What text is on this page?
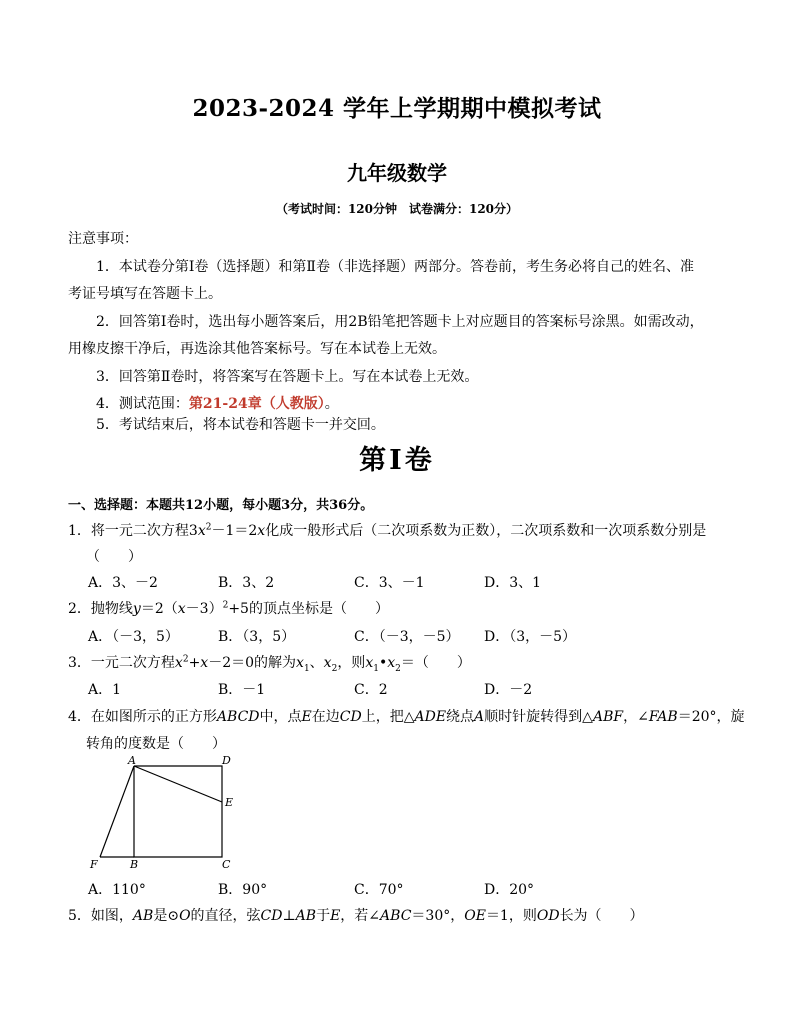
2023-2024 学年上学期期中模拟考试
九年级数学
（考试时间：120分钟　试卷满分：120分）
注意事项：
1．本试卷分第Ⅰ卷（选择题）和第Ⅱ卷（非选择题）两部分。答卷前，考生务必将自己的姓名、准
考证号填写在答题卡上。
2．回答第Ⅰ卷时，选出每小题答案后，用2B铅笔把答题卡上对应题目的答案标号涂黑。如需改动，
用橡皮擦干净后，再选涂其他答案标号。写在本试卷上无效。
3．回答第Ⅱ卷时，将答案写在答题卡上。写在本试卷上无效。
4．测试范围：第21-24章（人教版）。
5．考试结束后，将本试卷和答题卡一并交回。
第Ⅰ卷
一、选择题：本题共12小题，每小题3分，共36分。
1．将一元二次方程$3x^2-1=2x$化成一般形式后（二次项系数为正数），二次项系数和一次项系数分别是
（　　）
A．3、－2	B．3、2	C．3、－1	D．3、1
2．抛物线$y=2(x-3)^2+5$的顶点坐标是（　　）
A．（－3，5）	B．（3，5）	C．（－3，－5） D．（3，－5）
3．一元二次方程$x^2+x-2=0$的解为$x_1$、$x_2$，则$x_1•x_2=$（　　）
A．1	B．－1	C．2	D．－2
4．在如图所示的正方形ABCD中，点E在边CD上，把△ADE绕点A顺时针旋转得到△ABF，∠FAB＝20°，旋
转角的度数是（　　）
A	D
E
F	B	C
A．110°	B．90°	C．70°	D．20°
5．如图，AB是⊙O的直径，弦CD⊥AB于E，若∠ABC＝30°，OE＝1，则OD长为（　　）
